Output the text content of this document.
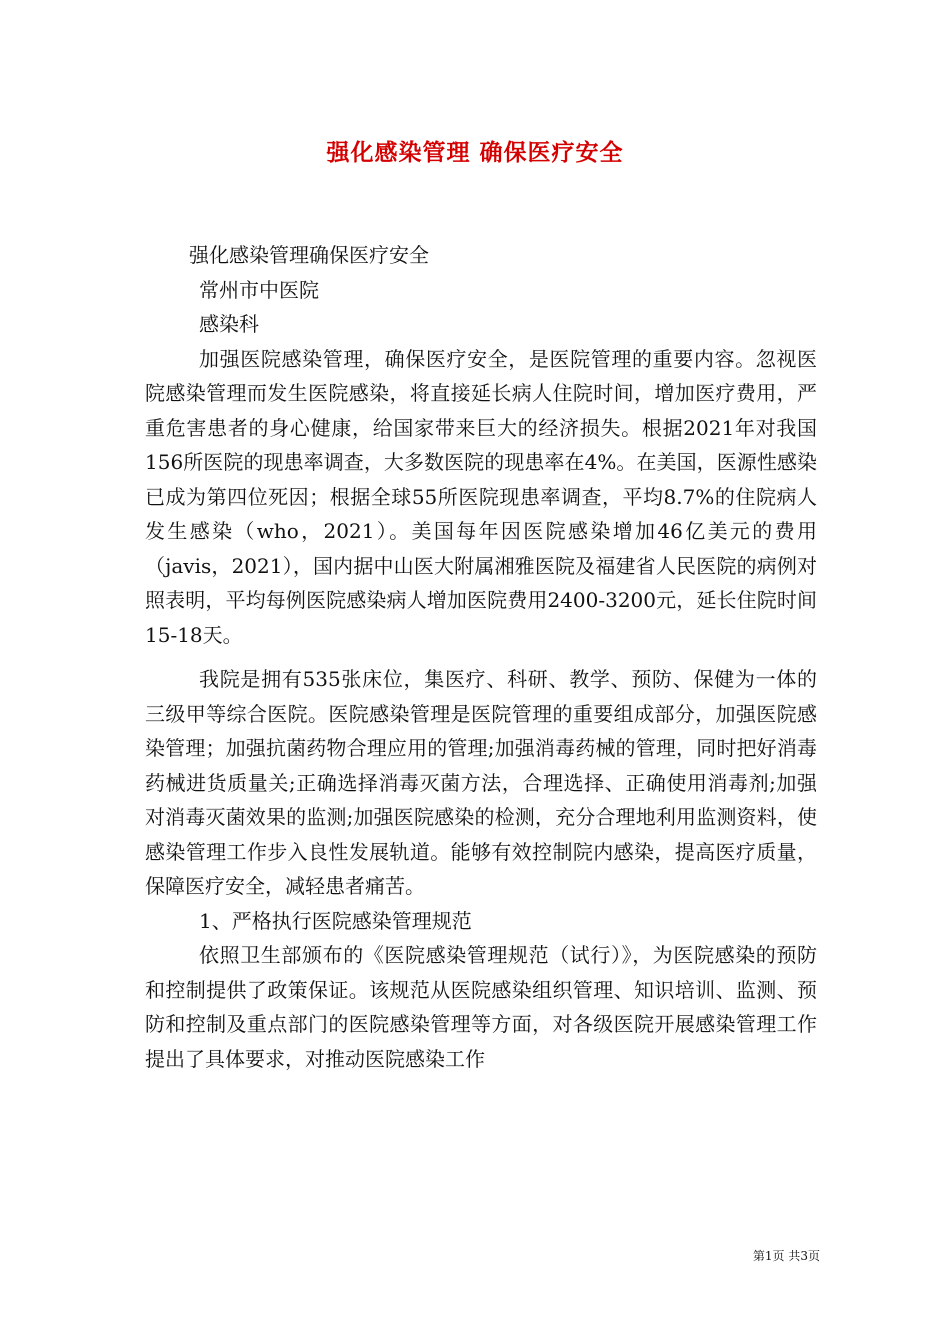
强化感染管理 确保医疗安全

强化感染管理确保医疗安全

常州市中医院

感染科

加强医院感染管理，确保医疗安全，是医院管理的重要内容。忽视医院感染管理而发生医院感染，将直接延长病人住院时间，增加医疗费用，严重危害患者的身心健康，给国家带来巨大的经济损失。根据2021年对我国156所医院的现患率调查，大多数医院的现患率在4%。在美国，医源性感染已成为第四位死因；根据全球55所医院现患率调查，平均8.7%的住院病人发生感染（who，2021）。美国每年因医院感染增加46亿美元的费用（javis，2021），国内据中山医大附属湘雅医院及福建省人民医院的病例对照表明，平均每例医院感染病人增加医院费用2400-3200元，延长住院时间15-18天。

我院是拥有535张床位，集医疗、科研、教学、预防、保健为一体的三级甲等综合医院。医院感染管理是医院管理的重要组成部分，加强医院感染管理；加强抗菌药物合理应用的管理;加强消毒药械的管理，同时把好消毒药械进货质量关;正确选择消毒灭菌方法，合理选择、正确使用消毒剂;加强对消毒灭菌效果的监测;加强医院感染的检测，充分合理地利用监测资料，使感染管理工作步入良性发展轨道。能够有效控制院内感染，提高医疗质量，保障医疗安全，减轻患者痛苦。

1、严格执行医院感染管理规范

依照卫生部颁布的《医院感染管理规范（试行）》，为医院感染的预防和控制提供了政策保证。该规范从医院感染组织管理、知识培训、监测、预防和控制及重点部门的医院感染管理等方面，对各级医院开展感染管理工作提出了具体要求，对推动医院感染工作

第1页 共3页
